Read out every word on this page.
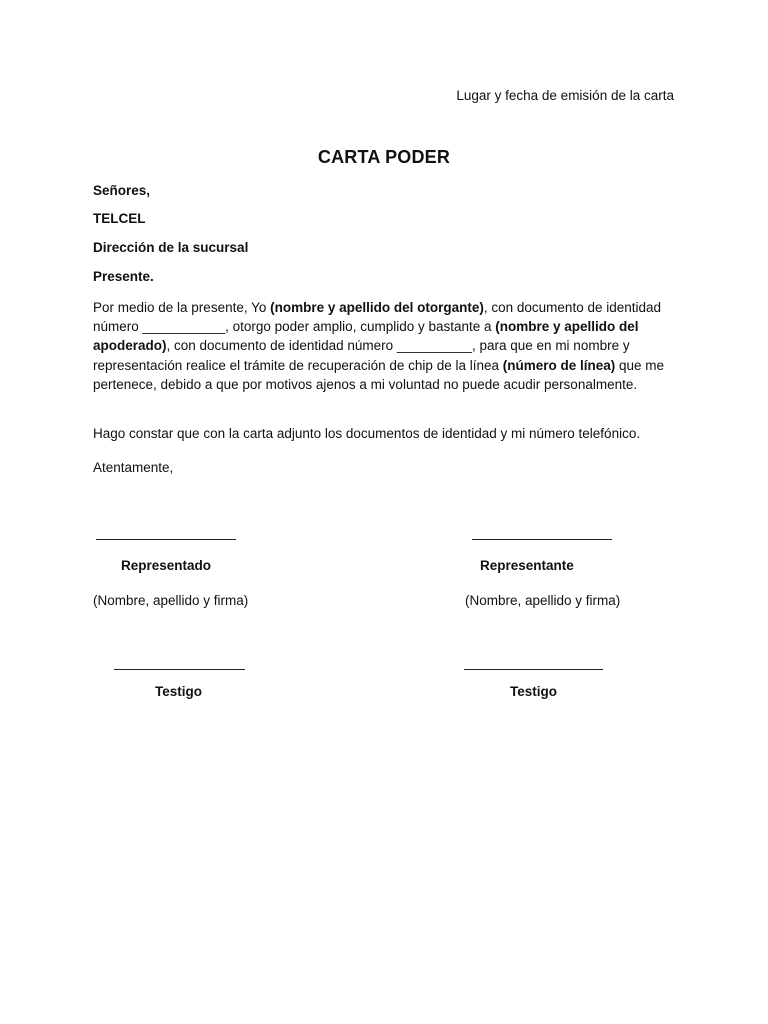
Lugar y fecha de emisión de la carta
CARTA PODER
Señores,
TELCEL
Dirección de la sucursal
Presente.
Por medio de la presente, Yo (nombre y apellido del otorgante), con documento de identidad número ___________, otorgo poder amplio, cumplido y bastante a (nombre y apellido del apoderado), con documento de identidad número __________, para que en mi nombre y representación realice el trámite de recuperación de chip de la línea (número de línea) que me pertenece, debido a que por motivos ajenos a mi voluntad no puede acudir personalmente.
Hago constar que con la carta adjunto los documentos de identidad y mi número telefónico.
Atentamente,
Representado	Representante
(Nombre, apellido y firma)	(Nombre, apellido y firma)
Testigo	Testigo
